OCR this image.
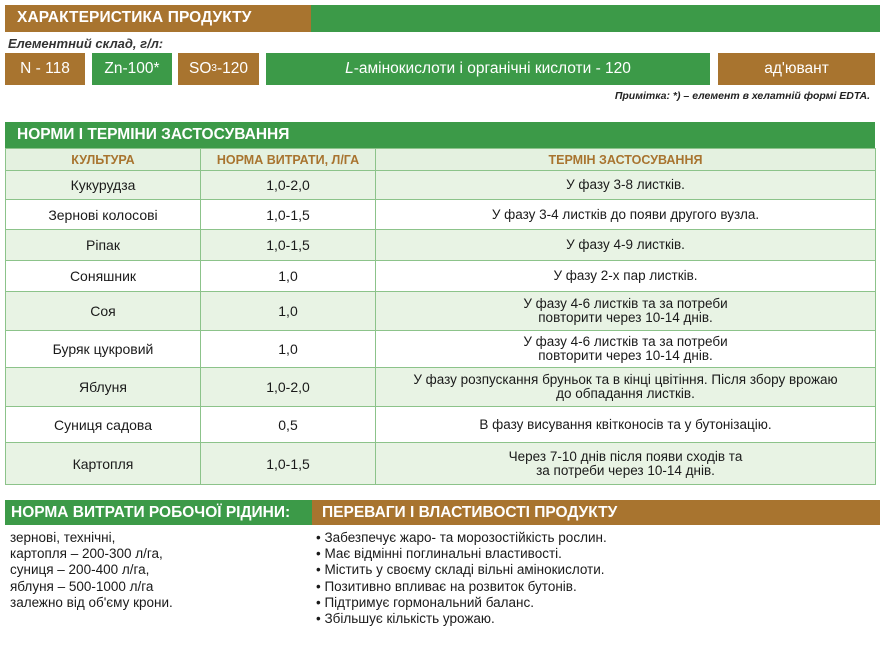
ХАРАКТЕРИСТИКА ПРОДУКТУ
Елементний склад, г/л:
N - 118	Zn-100*	SO 3 -120	L -амінокислоти і органічні кислоти - 120	ад'ювант
Примітка: *) – елемент в хелатній формі EDTA.
НОРМИ І ТЕРМІНИ ЗАСТОСУВАННЯ
КУЛЬТУРА	НОРМА ВИТРАТИ, Л/ГА	ТЕРМІН ЗАСТОСУВАННЯ
Кукурудза	1,0-2,0	У фазу 3-8 листків.
Зернові колосові	1,0-1,5	У фазу 3-4 листків до появи другого вузла.
Ріпак	1,0-1,5	У фазу 4-9 листків.
Соняшник	1,0	У фазу 2-х пар листків.
Соя	1,0	У фазу 4-6 листків та за потреби
повторити через 10-14 днів.
Буряк цукровий	1,0	У фазу 4-6 листків та за потреби
повторити через 10-14 днів.
Яблуня	1,0-2,0	У фазу розпускання бруньок та в кінці цвітіння. Після збору врожаю
до обпадання листків.
Суниця садова	0,5	В фазу висування квітконосів та у бутонізацію.
Картопля	1,0-1,5	Через 7-10 днів після появи сходів та
за потреби через 10-14 днів.
НОРМА ВИТРАТИ РОБОЧОЇ РІДИНИ:	ПЕРЕВАГИ І ВЛАСТИВОСТІ ПРОДУКТУ
зернові, технічні,
картопля – 200-300 л/га,
суниця – 200-400 л/га,
яблуня – 500-1000 л/га
залежно від об'єму крони.
• Забезпечує жаро- та морозостійкість рослин.
• Має відмінні поглинальні властивості.
• Містить у своєму складі вільні амінокислоти.
• Позитивно впливає на розвиток бутонів.
• Підтримує гормональний баланс.
• Збільшує кількість урожаю.
